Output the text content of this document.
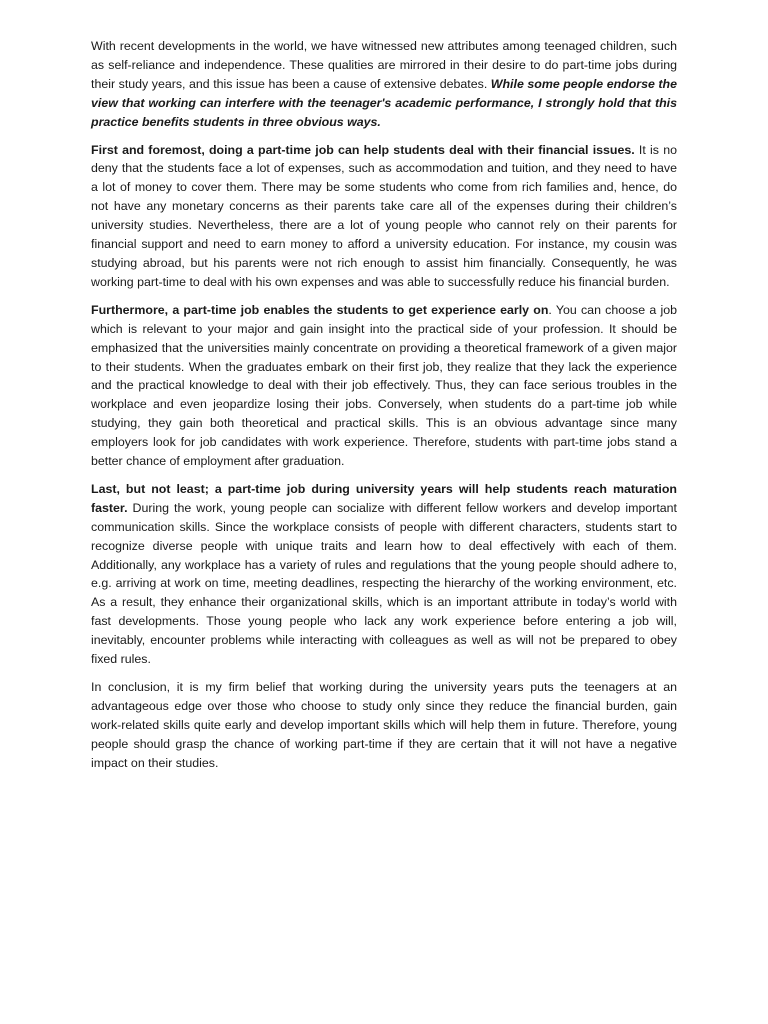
With recent developments in the world, we have witnessed new attributes among teenaged children, such as self-reliance and independence. These qualities are mirrored in their desire to do part-time jobs during their study years, and this issue has been a cause of extensive debates. While some people endorse the view that working can interfere with the teenager's academic performance, I strongly hold that this practice benefits students in three obvious ways.

First and foremost, doing a part-time job can help students deal with their financial issues. It is no deny that the students face a lot of expenses, such as accommodation and tuition, and they need to have a lot of money to cover them. There may be some students who come from rich families and, hence, do not have any monetary concerns as their parents take care all of the expenses during their children’s university studies. Nevertheless, there are a lot of young people who cannot rely on their parents for financial support and need to earn money to afford a university education. For instance, my cousin was studying abroad, but his parents were not rich enough to assist him financially. Consequently, he was working part-time to deal with his own expenses and was able to successfully reduce his financial burden.

Furthermore, a part-time job enables the students to get experience early on. You can choose a job which is relevant to your major and gain insight into the practical side of your profession. It should be emphasized that the universities mainly concentrate on providing a theoretical framework of a given major to their students. When the graduates embark on their first job, they realize that they lack the experience and the practical knowledge to deal with their job effectively. Thus, they can face serious troubles in the workplace and even jeopardize losing their jobs. Conversely, when students do a part-time job while studying, they gain both theoretical and practical skills. This is an obvious advantage since many employers look for job candidates with work experience. Therefore, students with part-time jobs stand a better chance of employment after graduation.

Last, but not least; a part-time job during university years will help students reach maturation faster. During the work, young people can socialize with different fellow workers and develop important communication skills. Since the workplace consists of people with different characters, students start to recognize diverse people with unique traits and learn how to deal effectively with each of them. Additionally, any workplace has a variety of rules and regulations that the young people should adhere to, e.g. arriving at work on time, meeting deadlines, respecting the hierarchy of the working environment, etc. As a result, they enhance their organizational skills, which is an important attribute in today’s world with fast developments. Those young people who lack any work experience before entering a job will, inevitably, encounter problems while interacting with colleagues as well as will not be prepared to obey fixed rules.

In conclusion, it is my firm belief that working during the university years puts the teenagers at an advantageous edge over those who choose to study only since they reduce the financial burden, gain work-related skills quite early and develop important skills which will help them in future. Therefore, young people should grasp the chance of working part-time if they are certain that it will not have a negative impact on their studies.
